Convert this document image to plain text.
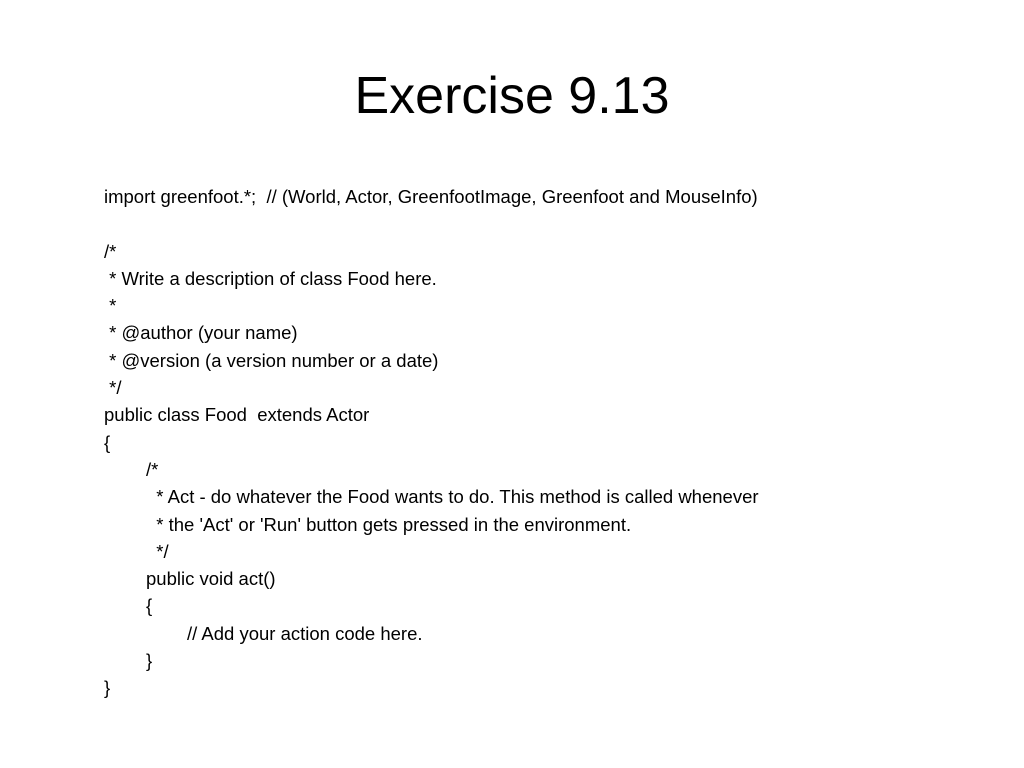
Exercise 9.13
import greenfoot.*;  // (World, Actor, GreenfootImage, Greenfoot and MouseInfo)
/*
* Write a description of class Food here.
*
* @author (your name)
* @version (a version number or a date)
*/
public class Food  extends Actor
{
/*
* Act - do whatever the Food wants to do. This method is called whenever
* the 'Act' or 'Run' button gets pressed in the environment.
*/
public void act()
{
// Add your action code here.
}
}
